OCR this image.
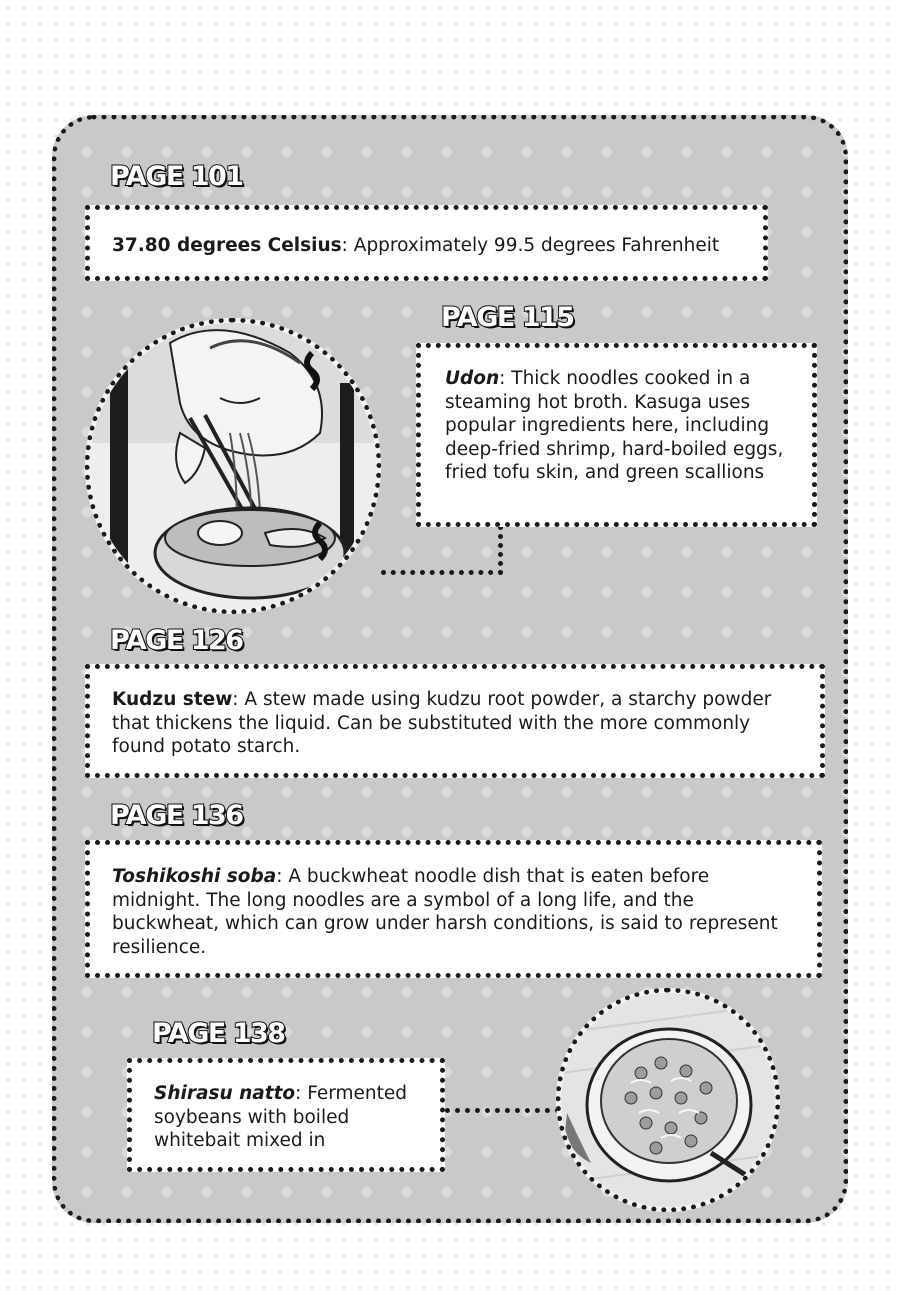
PAGE 101
37.80 degrees Celsius: Approximately 99.5 degrees Fahrenheit
PAGE 115
Udon: Thick noodles cooked in a steaming hot broth. Kasuga uses popular ingredients here, including deep-fried shrimp, hard-boiled eggs, fried tofu skin, and green scallions
PAGE 126
Kudzu stew: A stew made using kudzu root powder, a starchy powder that thickens the liquid. Can be substituted with the more commonly found potato starch.
PAGE 136
Toshikoshi soba: A buckwheat noodle dish that is eaten before midnight. The long noodles are a symbol of a long life, and the buckwheat, which can grow under harsh conditions, is said to represent resilience.
PAGE 138
Shirasu natto: Fermented soybeans with boiled whitebait mixed in
